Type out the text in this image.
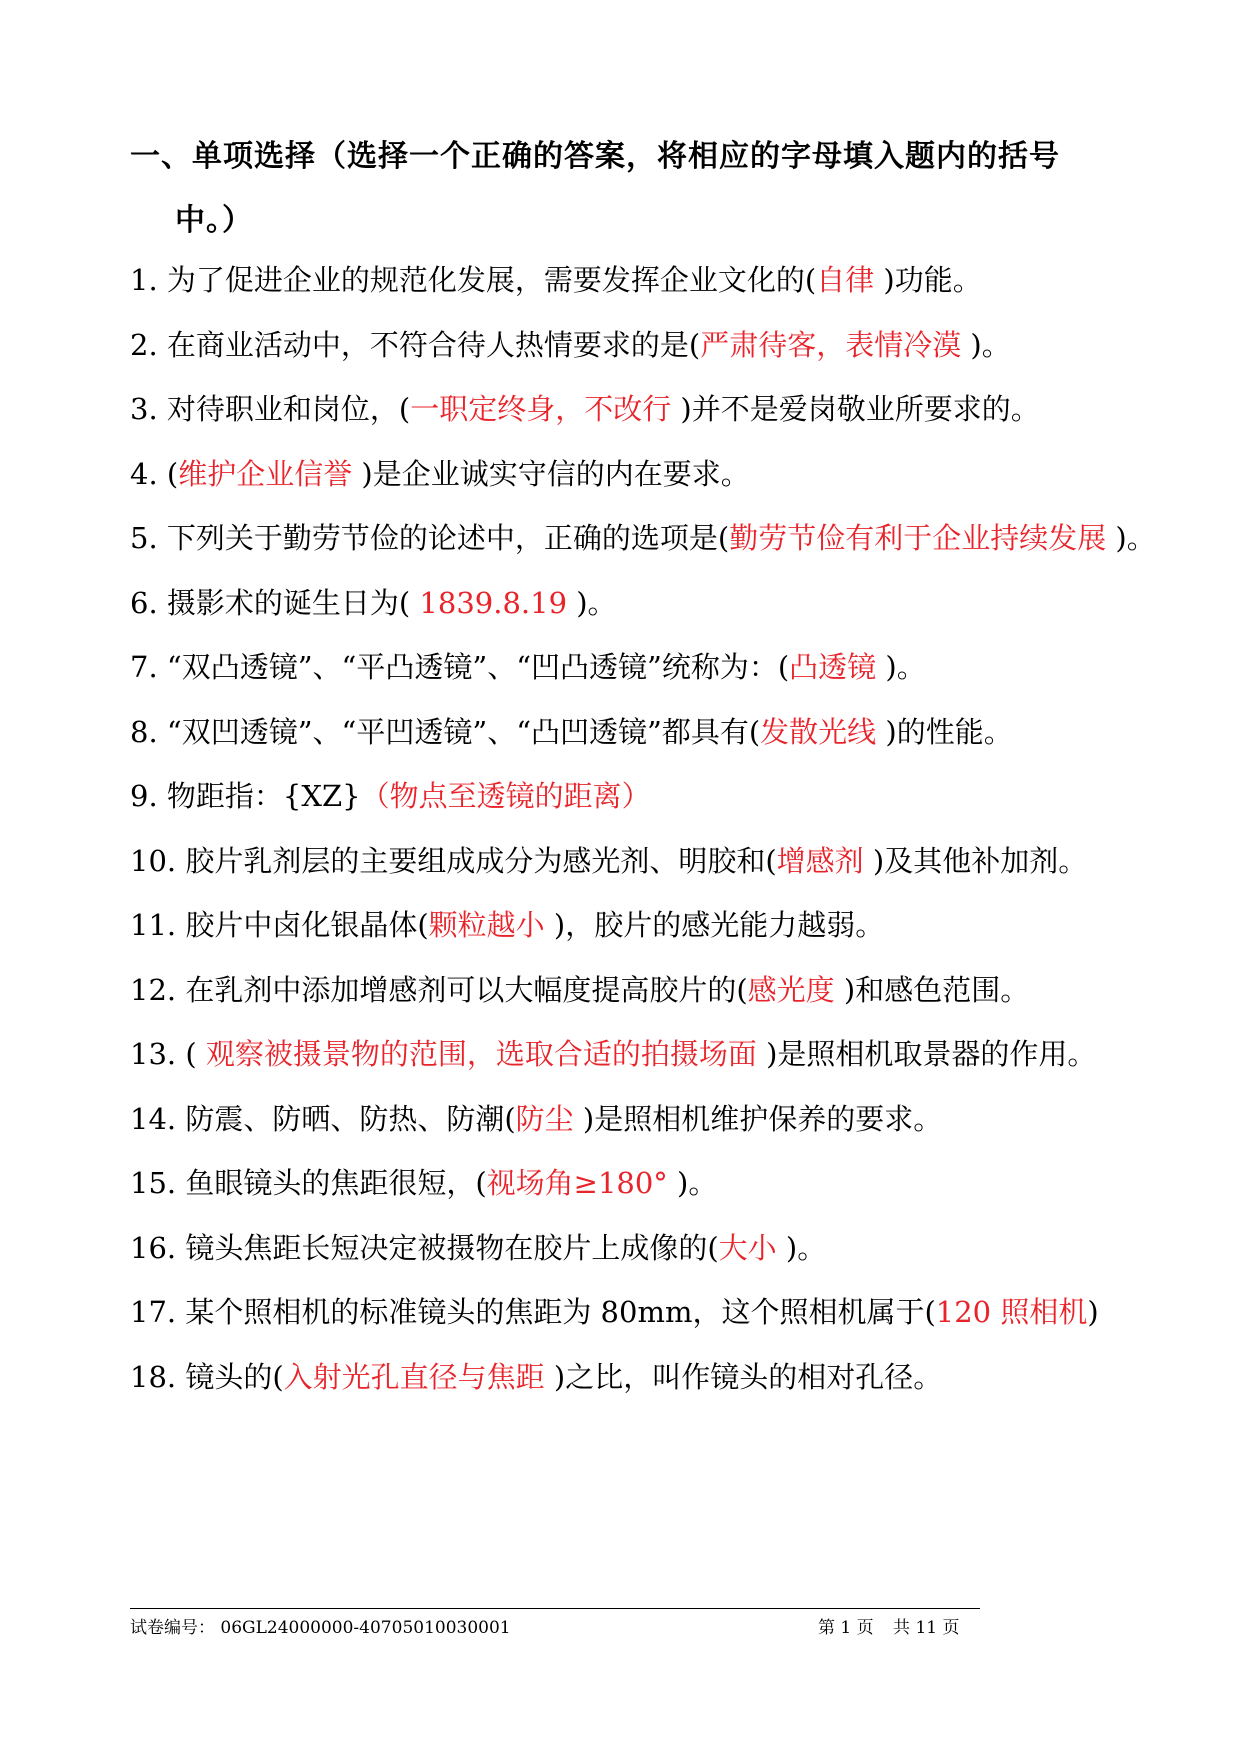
一、单项选择（选择一个正确的答案，将相应的字母填入题内的括号
中。）
1. 为了促进企业的规范化发展，需要发挥企业文化的(自律 )功能。
2. 在商业活动中，不符合待人热情要求的是(严肃待客，表情冷漠 )。
3. 对待职业和岗位，(一职定终身，不改行 )并不是爱岗敬业所要求的。
4. (维护企业信誉 )是企业诚实守信的内在要求。
5. 下列关于勤劳节俭的论述中，正确的选项是(勤劳节俭有利于企业持续发展 )。
6. 摄影术的诞生日为( 1839.8.19 )。
7. “双凸透镜”、“平凸透镜”、“凹凸透镜”统称为：(凸透镜 )。
8. “双凹透镜”、“平凹透镜”、“凸凹透镜”都具有(发散光线 )的性能。
9. 物距指：{XZ}（物点至透镜的距离）
10. 胶片乳剂层的主要组成成分为感光剂、明胶和(增感剂 )及其他补加剂。
11. 胶片中卤化银晶体(颗粒越小 )，胶片的感光能力越弱。
12. 在乳剂中添加增感剂可以大幅度提高胶片的(感光度 )和感色范围。
13. ( 观察被摄景物的范围，选取合适的拍摄场面 )是照相机取景器的作用。
14. 防震、防晒、防热、防潮(防尘 )是照相机维护保养的要求。
15. 鱼眼镜头的焦距很短，(视场角≥180° )。
16. 镜头焦距长短决定被摄物在胶片上成像的(大小 )。
17. 某个照相机的标准镜头的焦距为 80mm，这个照相机属于(120 照相机)
18. 镜头的(入射光孔直径与焦距 )之比，叫作镜头的相对孔径。
试卷编号： 06GL24000000-40705010030001	第 1 页 共 11 页
